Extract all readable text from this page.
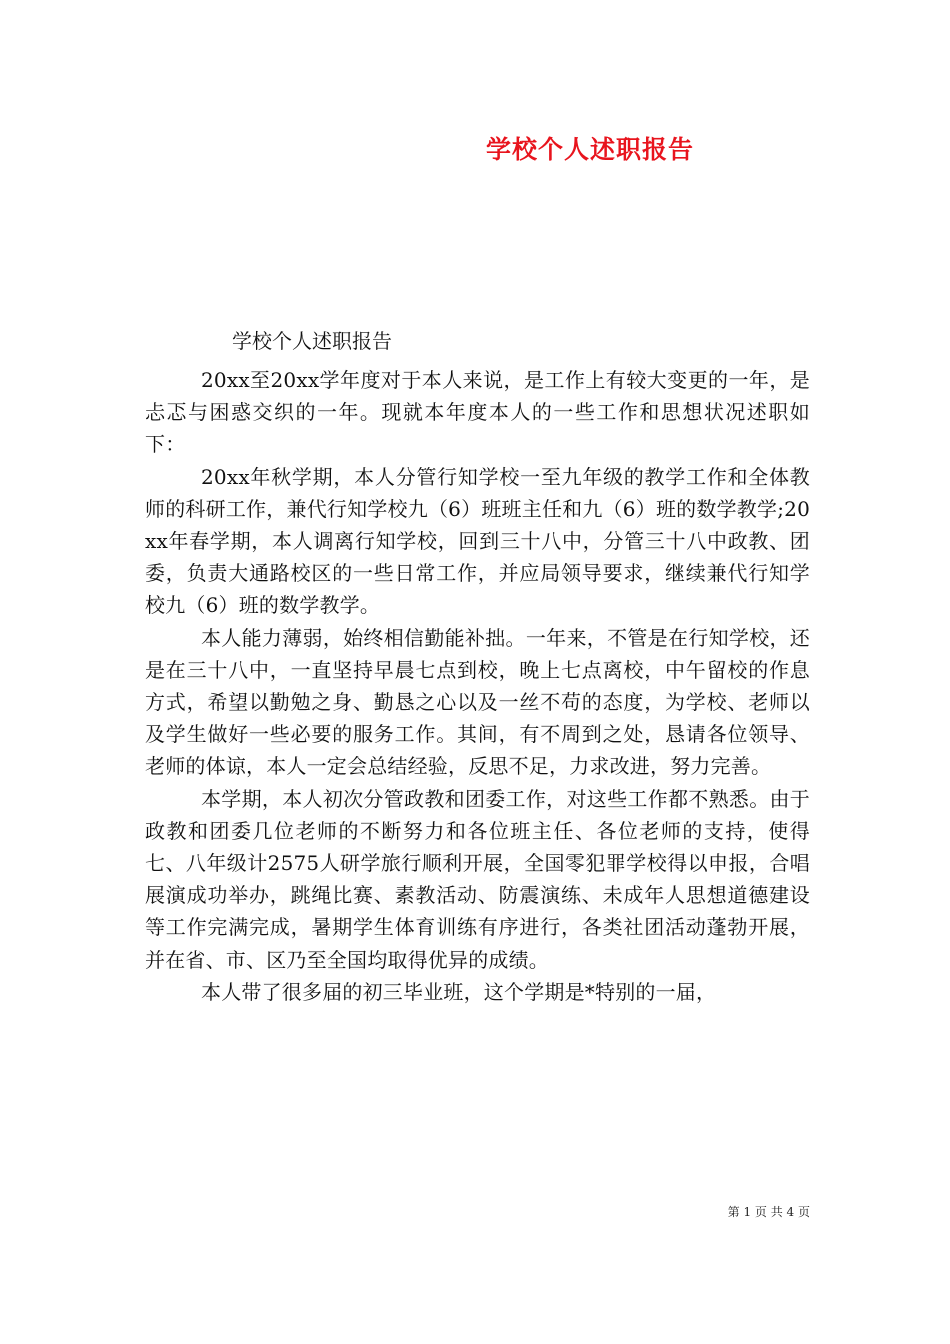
学校个人述职报告
学校个人述职报告

20xx至20xx学年度对于本人来说，是工作上有较大变更的一年，是忐忑与困惑交织的一年。现就本年度本人的一些工作和思想状况述职如下：

20xx年秋学期，本人分管行知学校一至九年级的教学工作和全体教师的科研工作，兼代行知学校九（6）班班主任和九（6）班的数学教学;20xx年春学期，本人调离行知学校，回到三十八中，分管三十八中政教、团委，负责大通路校区的一些日常工作，并应局领导要求，继续兼代行知学校九（6）班的数学教学。

本人能力薄弱，始终相信勤能补拙。一年来，不管是在行知学校，还是在三十八中，一直坚持早晨七点到校，晚上七点离校，中午留校的作息方式，希望以勤勉之身、勤恳之心以及一丝不苟的态度，为学校、老师以及学生做好一些必要的服务工作。其间，有不周到之处，恳请各位领导、老师的体谅，本人一定会总结经验，反思不足，力求改进，努力完善。

本学期，本人初次分管政教和团委工作，对这些工作都不熟悉。由于政教和团委几位老师的不断努力和各位班主任、各位老师的支持，使得七、八年级计2575人研学旅行顺利开展，全国零犯罪学校得以申报，合唱展演成功举办，跳绳比赛、素教活动、防震演练、未成年人思想道德建设等工作完满完成，暑期学生体育训练有序进行，各类社团活动蓬勃开展，并在省、市、区乃至全国均取得优异的成绩。

本人带了很多届的初三毕业班，这个学期是*特别的一届，

第 1 页 共 4 页
